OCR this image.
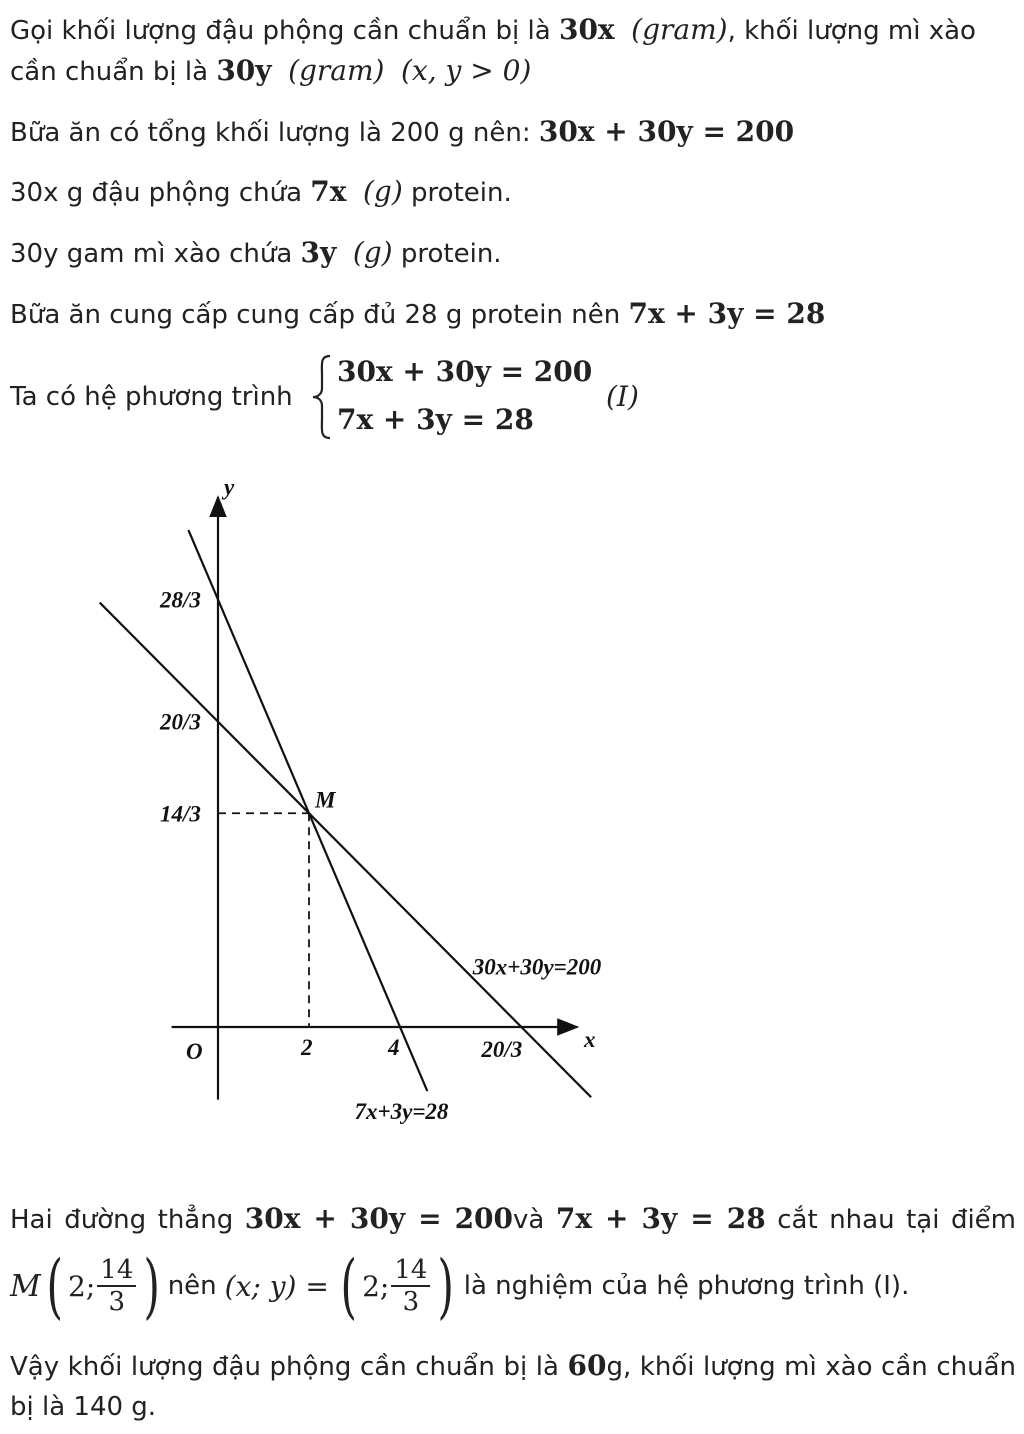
Gọi khối lượng đậu phộng cần chuẩn bị là 30x (gram), khối lượng mì xào
cần chuẩn bị là 30y (gram) (x, y > 0)
Bữa ăn có tổng khối lượng là 200 g nên: 30x + 30y = 200
30x g đậu phộng chứa 7x (g) protein.
30y gam mì xào chứa 3y (g) protein.
Bữa ăn cung cấp cung cấp đủ 28 g protein nên 7x + 3y = 28
Ta có hệ phương trình
30x + 30y = 200
7x + 3y = 28
(I)
x
y
O
30x+30y=200
7x+3y=28
M
2	4	20/3
28/3
20/3
14/3
Hai đường thẳng 30x + 30y = 200và 7x + 3y = 28 cắt nhau tại điểm
M ( 2; $\frac{14}{3}$ ) nên (x; y) = ( 2; $\frac{14}{3}$ ) là nghiệm của hệ phương trình (I).
Vậy khối lượng đậu phộng cần chuẩn bị là 60g, khối lượng mì xào cần chuẩn
bị là 140 g.
